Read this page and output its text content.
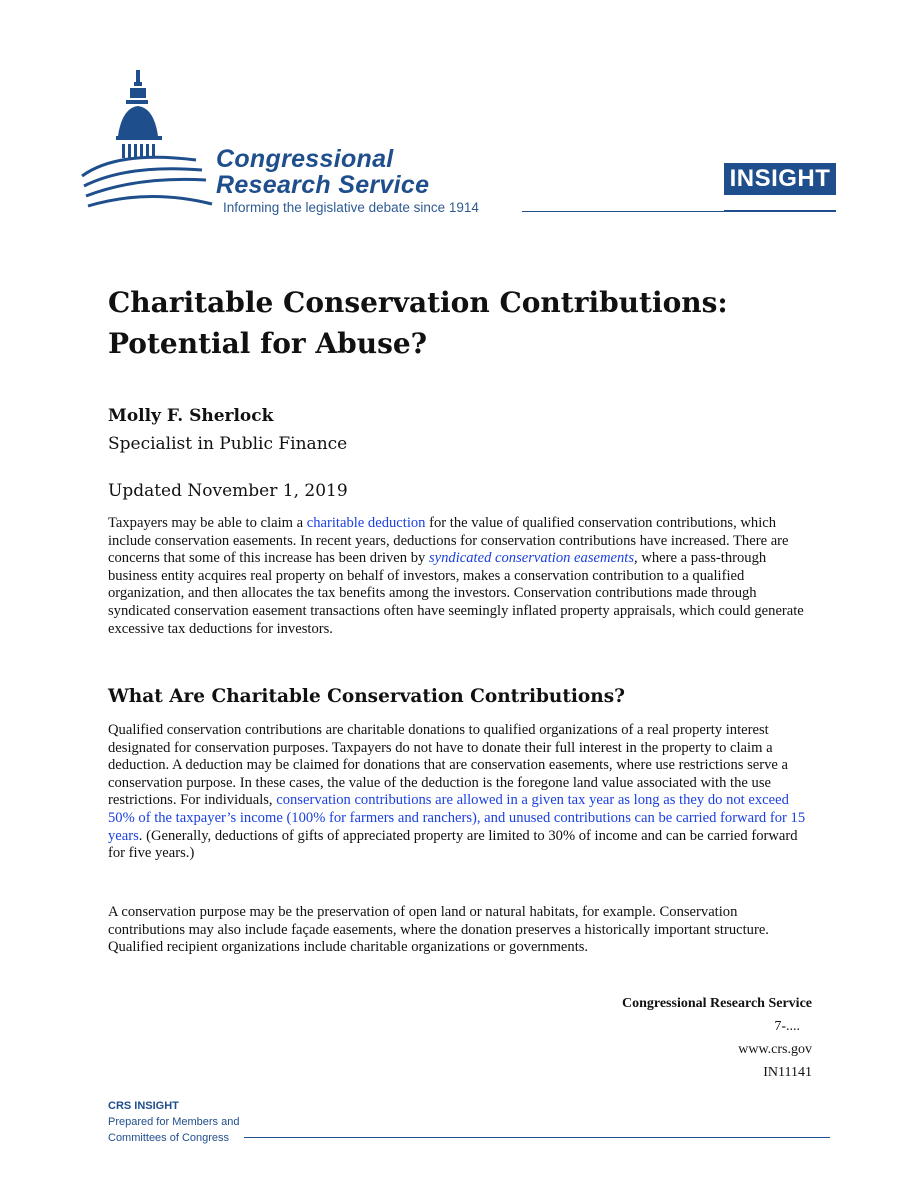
Congressional
Research Service
Informing the legislative debate since 1914
INSIGHT
Charitable Conservation Contributions:
Potential for Abuse?
Molly F. Sherlock
Specialist in Public Finance
Updated November 1, 2019

Taxpayers may be able to claim a charitable deduction for the value of qualified conservation contributions, which include conservation easements. In recent years, deductions for conservation contributions have increased. There are concerns that some of this increase has been driven by syndicated conservation easements, where a pass-through business entity acquires real property on behalf of investors, makes a conservation contribution to a qualified organization, and then allocates the tax benefits among the investors. Conservation contributions made through syndicated conservation easement transactions often have seemingly inflated property appraisals, which could generate excessive tax deductions for investors.

What Are Charitable Conservation Contributions?

Qualified conservation contributions are charitable donations to qualified organizations of a real property interest designated for conservation purposes. Taxpayers do not have to donate their full interest in the property to claim a deduction. A deduction may be claimed for donations that are conservation easements, where use restrictions serve a conservation purpose. In these cases, the value of the deduction is the foregone land value associated with the use restrictions. For individuals, conservation contributions are allowed in a given tax year as long as they do not exceed 50% of the taxpayer’s income (100% for farmers and ranchers), and unused contributions can be carried forward for 15 years. (Generally, deductions of gifts of appreciated property are limited to 30% of income and can be carried forward for five years.)

A conservation purpose may be the preservation of open land or natural habitats, for example. Conservation contributions may also include façade easements, where the donation preserves a historically important structure. Qualified recipient organizations include charitable organizations or governments.

Congressional Research Service
7-....
www.crs.gov
IN11141
CRS INSIGHT
Prepared for Members and
Committees of Congress
